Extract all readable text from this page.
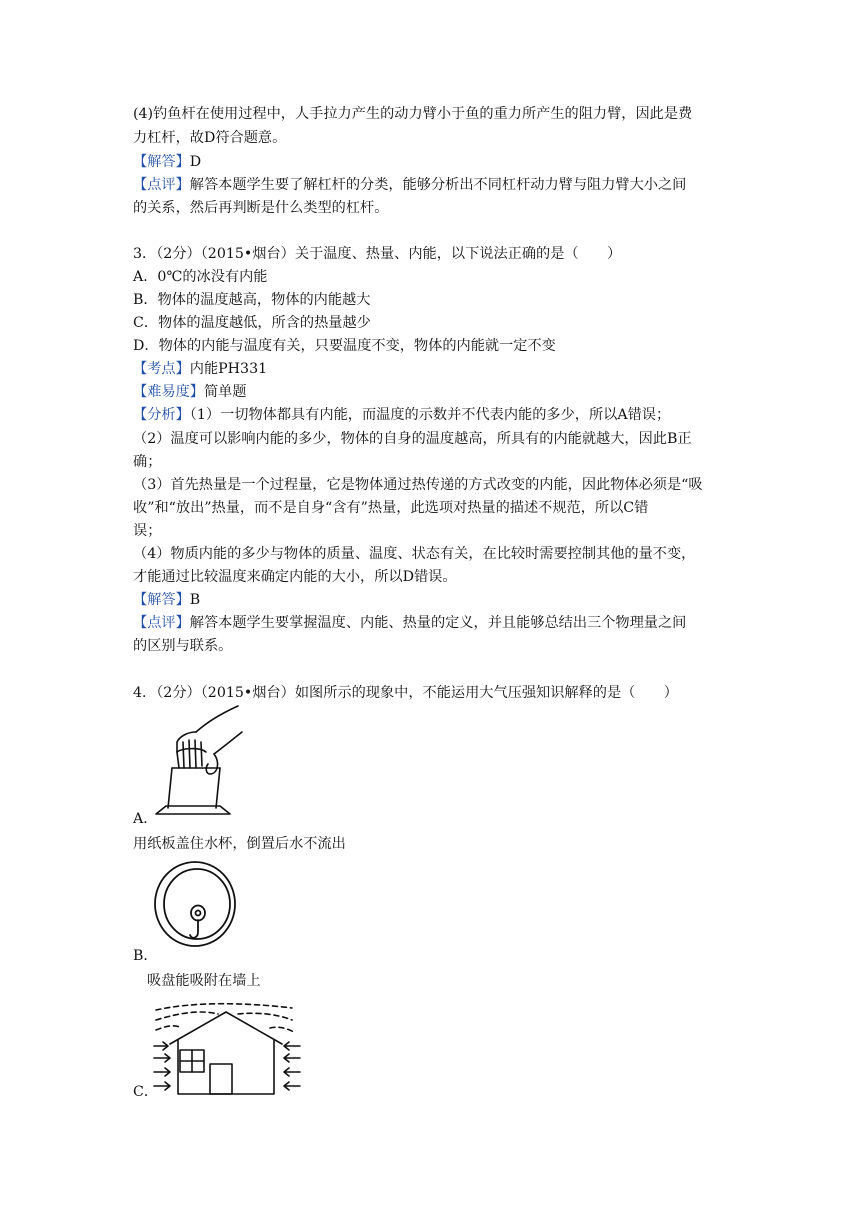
(4)钓鱼杆在使用过程中，人手拉力产生的动力臂小于鱼的重力所产生的阻力臂，因此是费
力杠杆，故D符合题意。
【解答】D
【点评】解答本题学生要了解杠杆的分类，能够分析出不同杠杆动力臂与阻力臂大小之间
的关系，然后再判断是什么类型的杠杆。
3．（2分）（2015•烟台）关于温度、热量、内能，以下说法正确的是（　　）
A．0℃的冰没有内能
B．物体的温度越高，物体的内能越大
C．物体的温度越低，所含的热量越少
D．物体的内能与温度有关，只要温度不变，物体的内能就一定不变
【考点】内能PH331
【难易度】简单题
【分析】（1）一切物体都具有内能，而温度的示数并不代表内能的多少，所以A错误；
（2）温度可以影响内能的多少，物体的自身的温度越高，所具有的内能就越大，因此B正
确；
（3）首先热量是一个过程量，它是物体通过热传递的方式改变的内能，因此物体必须是“吸
收”和“放出”热量，而不是自身“含有”热量，此选项对热量的描述不规范，所以C错
误；
（4）物质内能的多少与物体的质量、温度、状态有关，在比较时需要控制其他的量不变，
才能通过比较温度来确定内能的大小，所以D错误。
【解答】B
【点评】解答本题学生要掌握温度、内能、热量的定义，并且能够总结出三个物理量之间
的区别与联系。
4．（2分）（2015•烟台）如图所示的现象中，不能运用大气压强知识解释的是（　　）
A．
用纸板盖住水杯，倒置后水不流出
B．
吸盘能吸附在墙上
C．
